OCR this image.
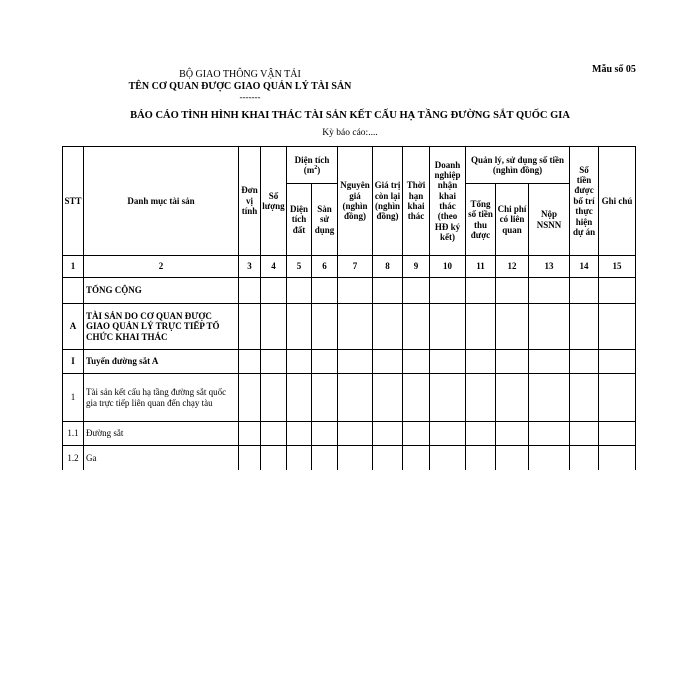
Mẫu số 05
BỘ GIAO THÔNG VẬN TẢI
TÊN CƠ QUAN ĐƯỢC GIAO QUẢN LÝ TÀI SẢN
-------
BÁO CÁO TÌNH HÌNH KHAI THÁC TÀI SẢN KẾT CẤU HẠ TẦNG ĐƯỜNG SẮT QUỐC GIA
Kỳ báo cáo:....
STT	Danh mục tài sản	Đơn vị tính	Số lượng	Diện tích $(m^2)$		Nguyên giá (nghìn đồng)	Giá trị còn lại (nghìn đồng)	Thời hạn khai thác	Doanh nghiệp nhận khai thác (theo HĐ ký kết)	Quản lý, sử dụng số tiền (nghìn đồng)			Số tiền được bố trí thực hiện dự án	Ghi chú
				Diện tích đất	Sàn sử dụng					Tổng số tiền thu được	Chi phí có liên quan	Nộp NSNN		
1	2	3	4	5	6	7	8	9	10	11	12	13	14	15
	TỔNG CỘNG													
A	TÀI SẢN DO CƠ QUAN ĐƯỢC GIAO QUẢN LÝ TRỰC TIẾP TỔ CHỨC KHAI THÁC													
I	Tuyến đường sắt A													
1	Tài sản kết cấu hạ tầng đường sắt quốc gia trực tiếp liên quan đến chạy tàu													
1.1	Đường sắt													
1.2	Ga													
